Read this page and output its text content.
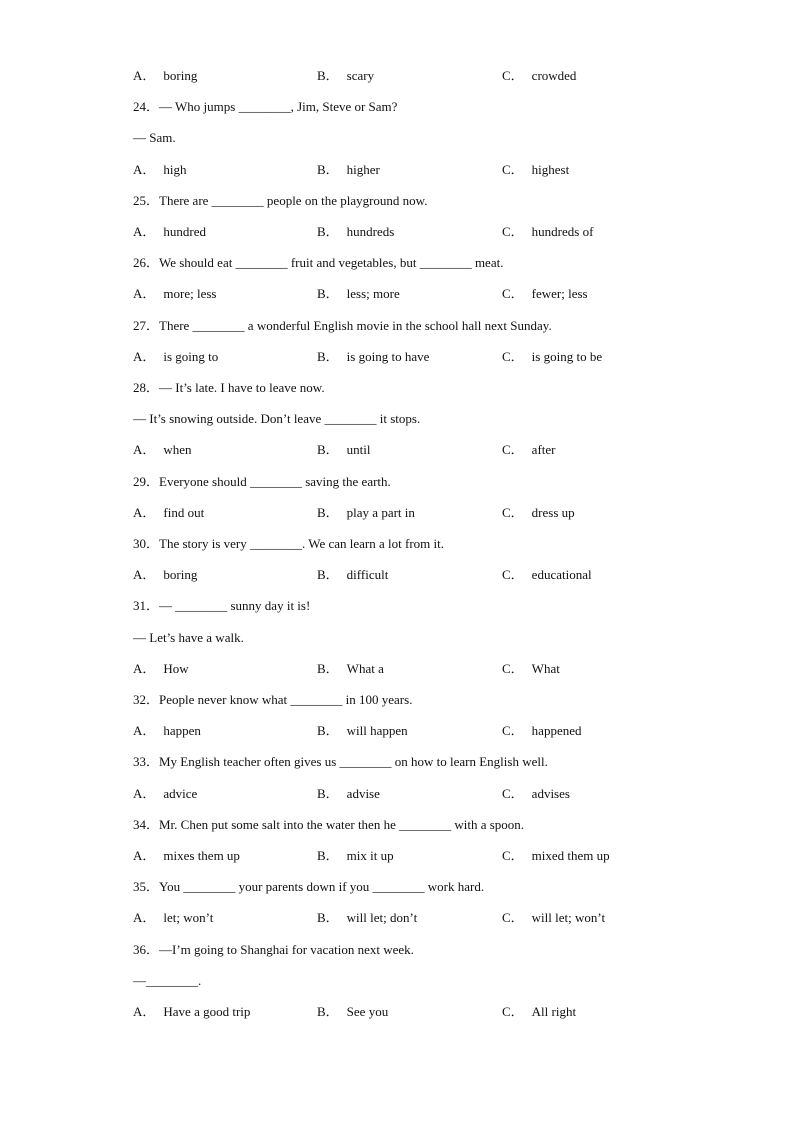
A． boring	B． scary	C． crowded
24．— Who jumps ________, Jim, Steve or Sam?
— Sam.
A． high	B． higher	C． highest
25．There are ________ people on the playground now.
A． hundred	B． hundreds	C． hundreds of
26．We should eat ________ fruit and vegetables, but ________ meat.
A． more; less	B． less; more	C． fewer; less
27．There ________ a wonderful English movie in the school hall next Sunday.
A． is going to	B． is going to have	C． is going to be
28．— It’s late. I have to leave now.
— It’s snowing outside. Don’t leave ________ it stops.
A． when	B． until	C． after
29．Everyone should ________ saving the earth.
A． find out	B． play a part in	C． dress up
30．The story is very ________. We can learn a lot from it.
A． boring	B． difficult	C． educational
31．— ________ sunny day it is!
— Let’s have a walk.
A． How	B． What a	C． What
32．People never know what ________ in 100 years.
A． happen	B． will happen	C． happened
33．My English teacher often gives us ________ on how to learn English well.
A． advice	B． advise	C． advises
34．Mr. Chen put some salt into the water then he ________ with a spoon.
A． mixes them up	B． mix it up	C． mixed them up
35．You ________ your parents down if you ________ work hard.
A． let; won’t	B． will let; don’t	C． will let; won’t
36．—I’m going to Shanghai for vacation next week.
—________.
A． Have a good trip	B． See you	C． All right
